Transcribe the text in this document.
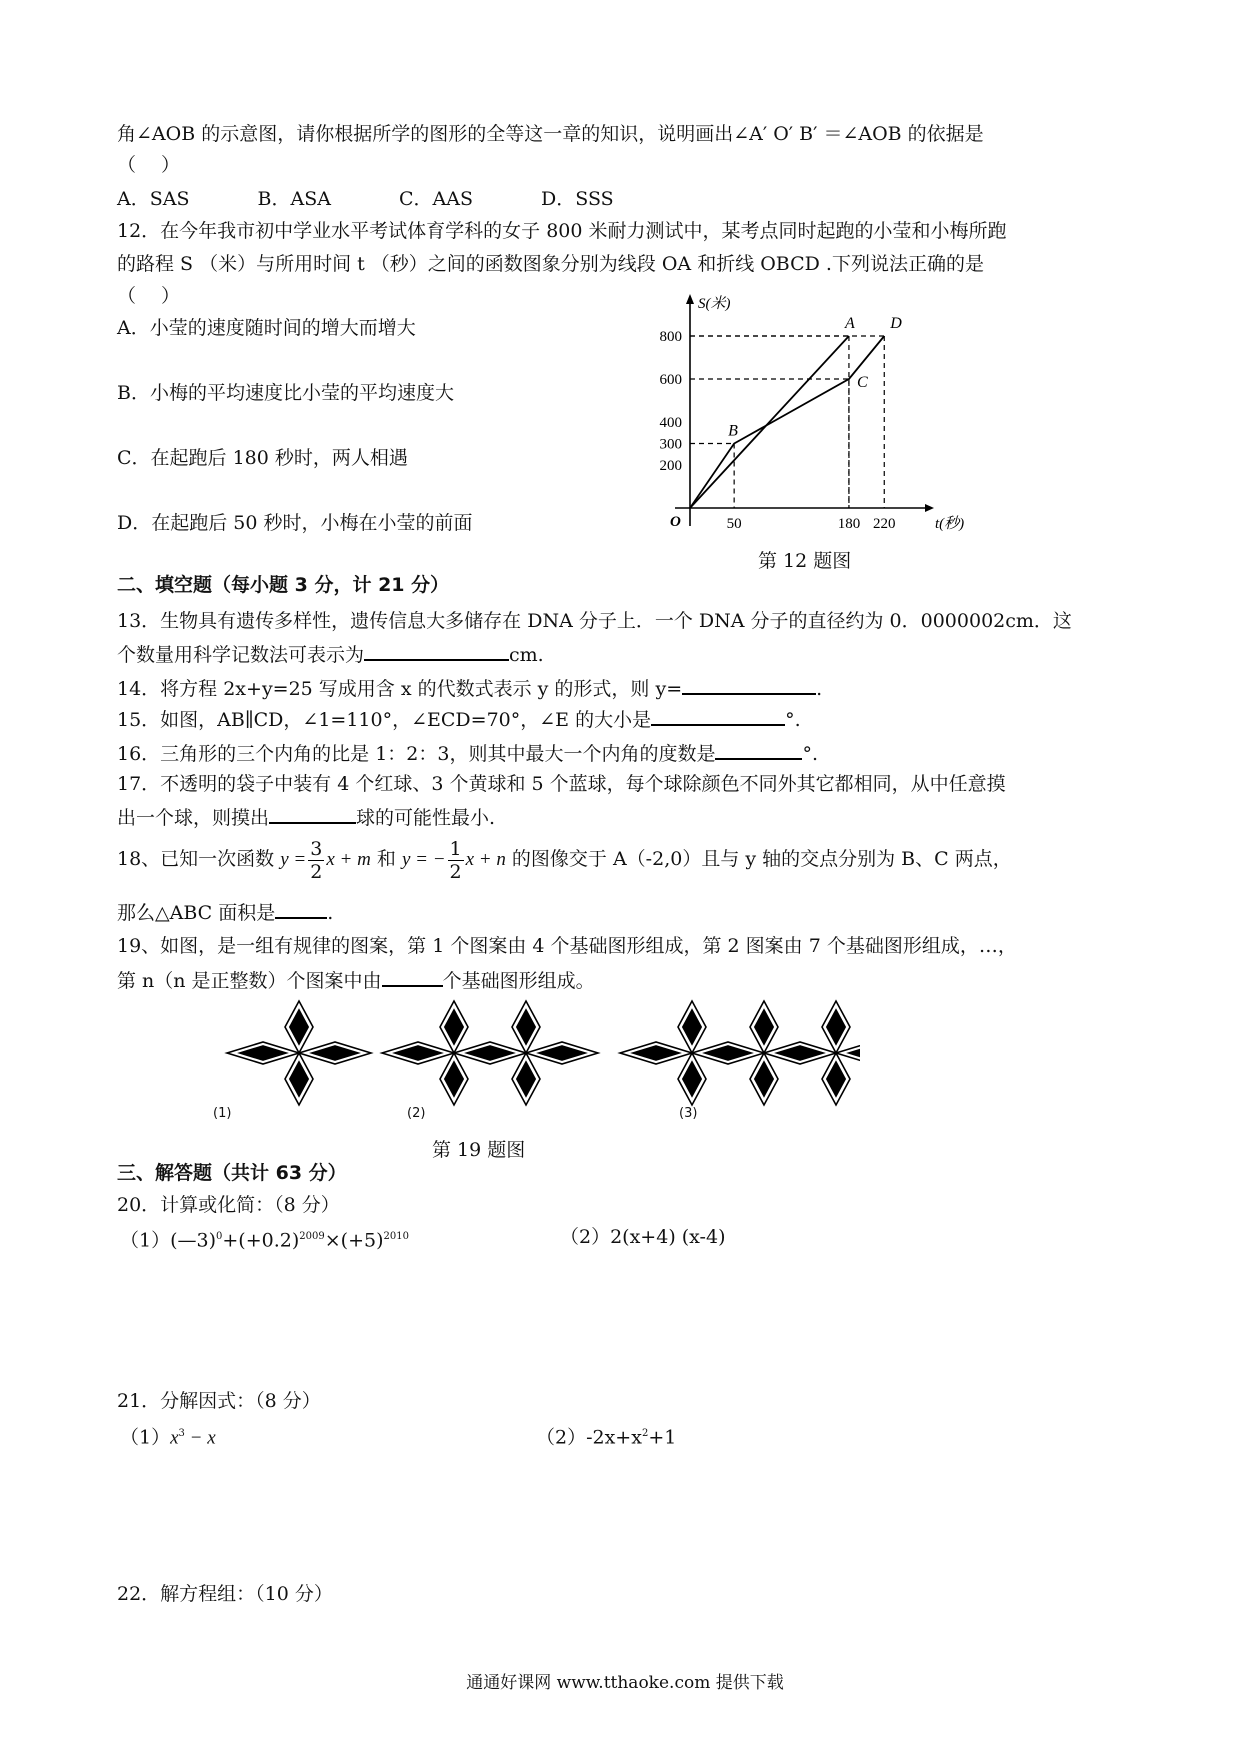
角∠AOB 的示意图，请你根据所学的图形的全等这一章的知识，说明画出∠A′ O′ B′ ＝∠AOB 的依据是
（　 ）
A．SAS	B．ASA	C．AAS	D．SSS
12．在今年我市初中学业水平考试体育学科的女子 800 米耐力测试中，某考点同时起跑的小莹和小梅所跑
的路程 S （米）与所用时间 t （秒）之间的函数图象分别为线段 OA 和折线 OBCD .下列说法正确的是
（　 ）
A．小莹的速度随时间的增大而增大
B．小梅的平均速度比小莹的平均速度大
C．在起跑后 180 秒时，两人相遇
D．在起跑后 50 秒时，小梅在小莹的前面
S(米)
t(秒)
O
200
300
400
600
800
50	180 220
A
B
C
D
第 12 题图
二、填空题（每小题 3 分，计 21 分）
13．生物具有遗传多样性，遗传信息大多储存在 DNA 分子上．一个 DNA 分子的直径约为 0．0000002cm．这
个数量用科学记数法可表示为	cm.
14．将方程 2x+y=25 写成用含 x 的代数式表示 y 的形式，则 y=	.
15．如图，AB∥CD，∠1=110°，∠ECD=70°，∠E 的大小是	°.
16．三角形的三个内角的比是 1：2：3，则其中最大一个内角的度数是	°.
17．不透明的袋子中装有 4 个红球、3 个黄球和 5 个蓝球，每个球除颜色不同外其它都相同，从中任意摸
出一个球，则摸出	球的可能性最小.
18、已知一次函数 $y = \frac{3}{2}$ x + m 和 y = − $\frac{1}{2}$ x + n 的图像交于 A（-2,0）且与 y 轴的交点分别为 B、C 两点，
那么△ABC 面积是	.
19、如图，是一组有规律的图案，第 1 个图案由 4 个基础图形组成，第 2 图案由 7 个基础图形组成，…，
第 n（n 是正整数）个图案中由	个基础图形组成。
(1)	(2)	(3)
第 19 题图
三、解答题（共计 63 分）
20．计算或化简：（8 分）
$(1)(—3)^0+(+0.2)^{2009}\times(+5)^{2010}$	（2）2(x+4) (x-4)
21．分解因式：（8 分）
$(1)x^3 - x$	$(2)-2x+x^2+1$
22．解方程组：（10 分）
通通好课网 www.tthaoke.com 提供下载
